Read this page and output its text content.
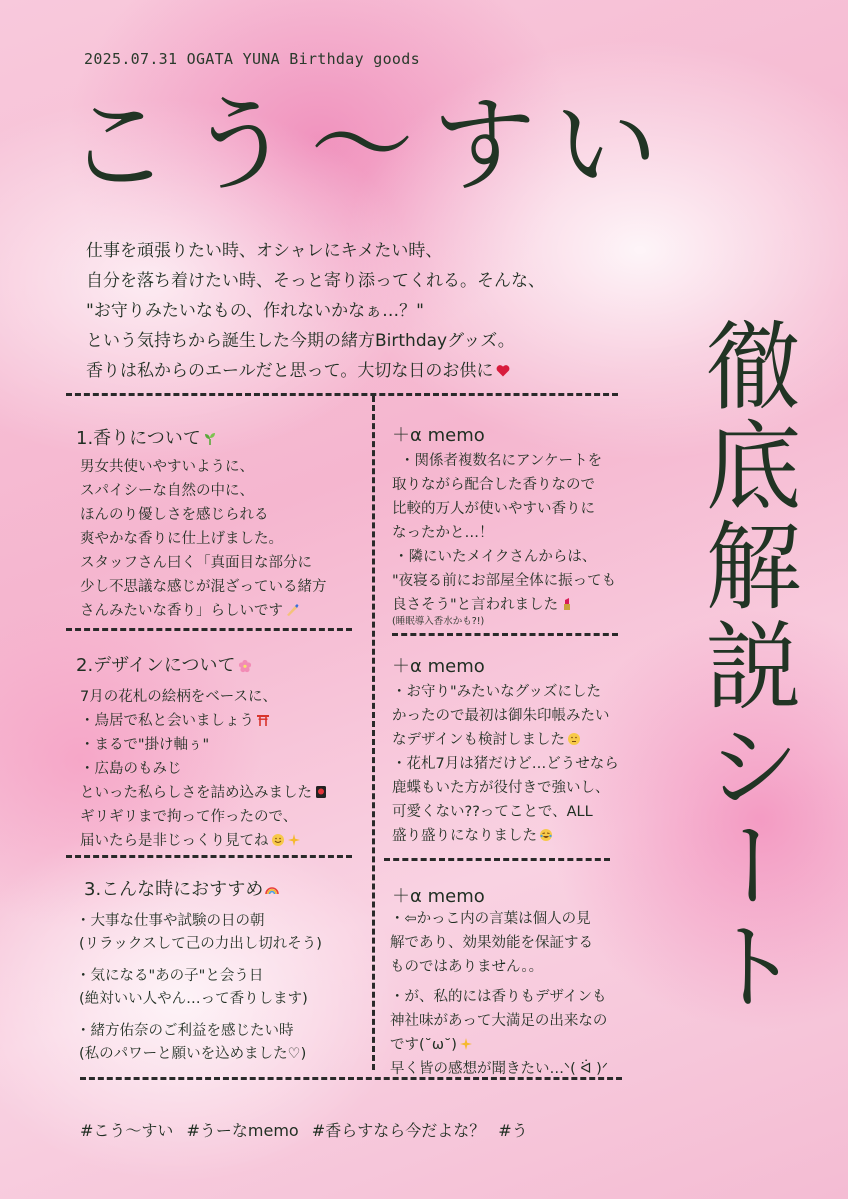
2025.07.31 OGATA YUNA Birthday goods
こう〜すい
徹底解説シート
仕事を頑張りたい時、オシャレにキメたい時、
自分を落ち着けたい時、そっと寄り添ってくれる。そんな、
"お守りみたいなもの、作れないかなぁ…？"
という気持ちから誕生した今期の緒方Birthdayグッズ。
香りは私からのエールだと思って。大切な日のお供に
1.香りについて
男女共使いやすいように、
スパイシーな自然の中に、
ほんのり優しさを感じられる
爽やかな香りに仕上げました。
スタッフさん曰く「真面目な部分に
少し不思議な感じが混ざっている緒方
さんみたいな香り」らしいです
2.デザインについて
7月の花札の絵柄をベースに、
・鳥居で私と会いましょう
・まるで"掛け軸ぅ"
・広島のもみじ
といった私らしさを詰め込みました
ギリギリまで拘って作ったので、
届いたら是非じっくり見てね
3.こんな時におすすめ
・大事な仕事や試験の日の朝
(リラックスして己の力出し切れそう)
・気になる"あの子"と会う日
(絶対いい人やん…って香りします)
・緒方佑奈のご利益を感じたい時
(私のパワーと願いを込めました♡)
＋α memo
・関係者複数名にアンケートを
取りながら配合した香りなので
比較的万人が使いやすい香りに
なったかと…！
・隣にいたメイクさんからは、
"夜寝る前にお部屋全体に振っても
良さそう"と言われました
(睡眠導入香水かも?!)
＋α memo
・お守り"みたいなグッズにした
かったので最初は御朱印帳みたい
なデザインも検討しました
・花札7月は猪だけど…どうせなら
鹿蝶もいた方が役付きで強いし、
可愛くない??ってことで、ALL
盛り盛りになりました
＋α memo
・⇦かっこ内の言葉は個人の見
解であり、効果効能を保証する
ものではありません。。
・が、私的には香りもデザインも
神社味があって大満足の出来なの
です(˘ω˘)
早く皆の感想が聞きたい…ᐠ( ᐛ )ᐟ
#こう〜すい #うーなmemo #香らすなら今だよな？ #う
